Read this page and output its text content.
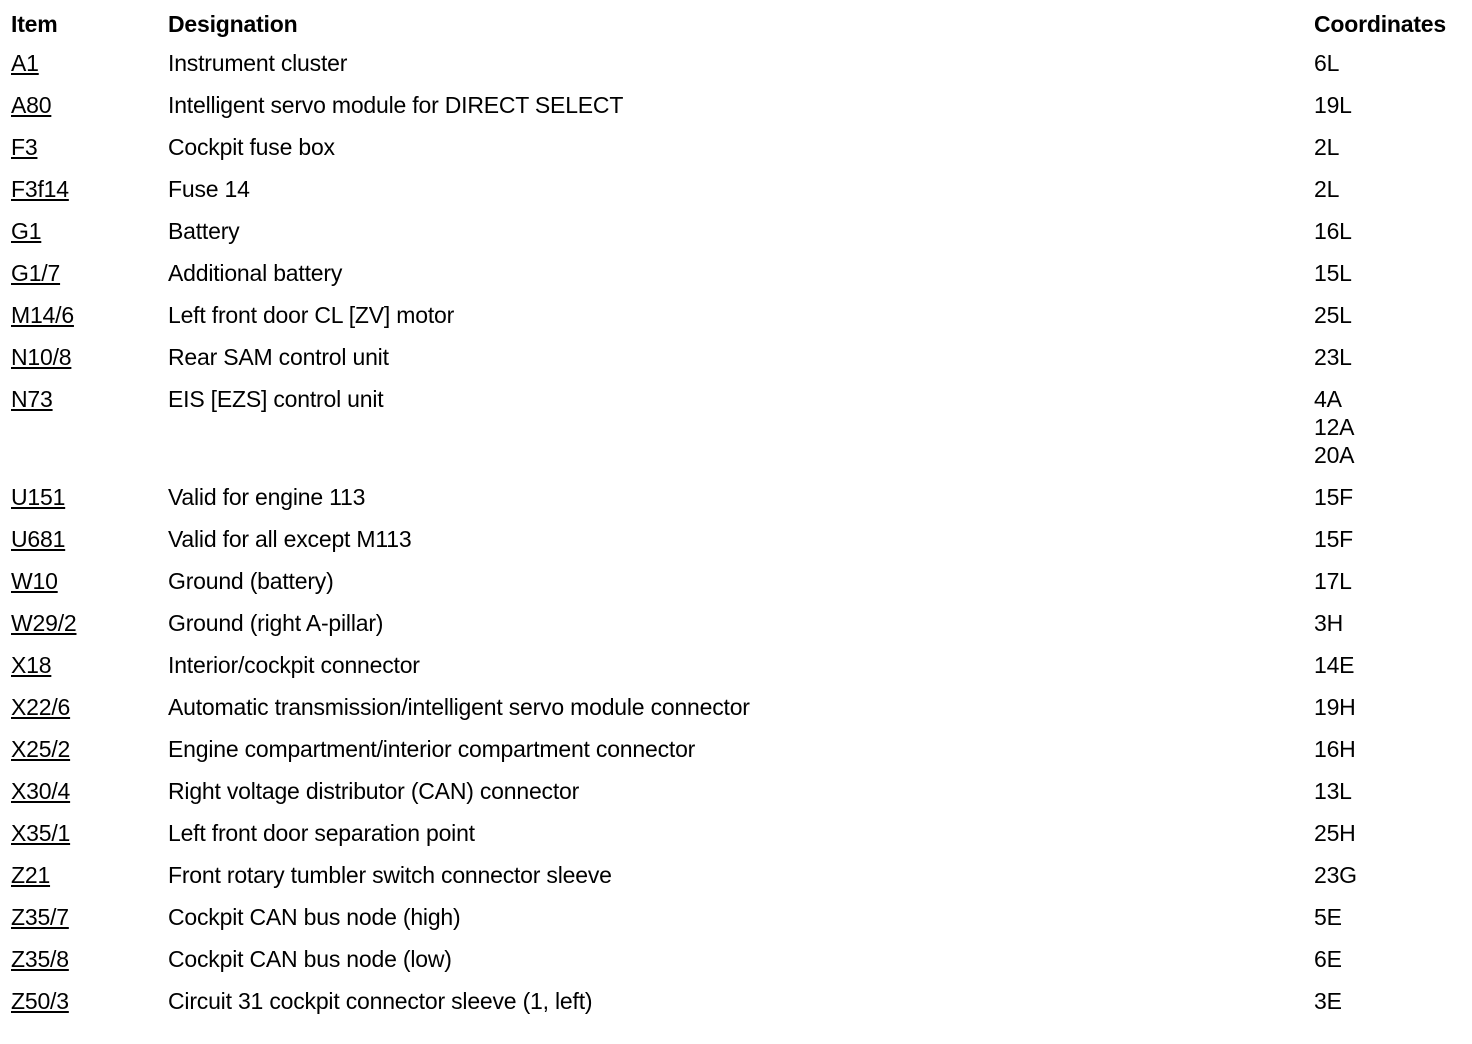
Item	Designation	Coordinates
A1	Instrument cluster	6L

A80	Intelligent servo module for DIRECT SELECT	19L

F3	Cockpit fuse box	2L

F3f14	Fuse 14	2L

G1	Battery	16L

G1/7	Additional battery	15L

M14/6	Left front door CL [ZV] motor	25L

N10/8	Rear SAM control unit	23L

N73	EIS [EZS] control unit	4A
12A
20A

U151	Valid for engine 113	15F

U681	Valid for all except M113	15F

W10	Ground (battery)	17L

W29/2	Ground (right A-pillar)	3H

X18	Interior/cockpit connector	14E

X22/6	Automatic transmission/intelligent servo module connector	19H

X25/2	Engine compartment/interior compartment connector	16H

X30/4	Right voltage distributor (CAN) connector	13L

X35/1	Left front door separation point	25H

Z21	Front rotary tumbler switch connector sleeve	23G

Z35/7	Cockpit CAN bus node (high)	5E

Z35/8	Cockpit CAN bus node (low)	6E

Z50/3	Circuit 31 cockpit connector sleeve (1, left)	3E
